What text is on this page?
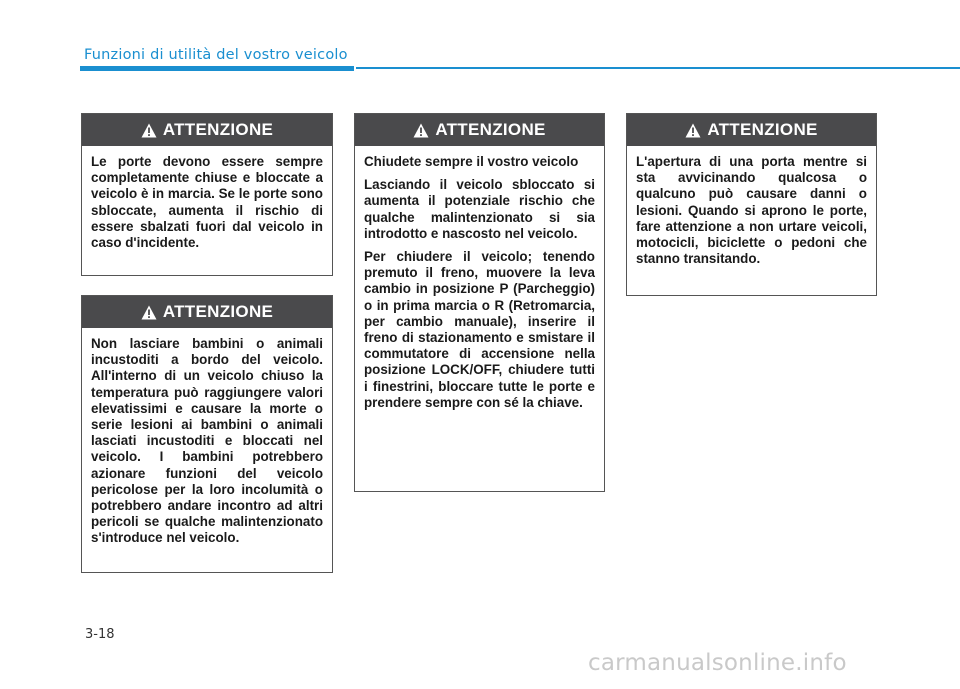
Funzioni di utilità del vostro veicolo
ATTENZIONE

Le porte devono essere sempre completamente chiuse e bloccate a veicolo è in marcia. Se le porte sono sbloccate, aumenta il rischio di essere sbalzati fuori dal veicolo in caso d'incidente.

ATTENZIONE

Non lasciare bambini o animali incustoditi a bordo del veicolo. All'interno di un veicolo chiuso la temperatura può raggiungere valori elevatissimi e causare la morte o serie lesioni ai bambini o animali lasciati incustoditi e bloccati nel veicolo. I bambini potrebbero azionare funzioni del veicolo pericolose per la loro incolumità o potrebbero andare incontro ad altri pericoli se qualche malintenzionato s'introduce nel veicolo.

ATTENZIONE

Chiudete sempre il vostro veicolo

Lasciando il veicolo sbloccato si aumenta il potenziale rischio che qualche malintenzionato si sia introdotto e nascosto nel veicolo.

Per chiudere il veicolo; tenendo premuto il freno, muovere la leva cambio in posizione P (Parcheggio) o in prima marcia o R (Retromarcia, per cambio manuale), inserire il freno di stazionamento e smistare il commutatore di accensione nella posizione LOCK/OFF, chiudere tutti i finestrini, bloccare tutte le porte e prendere sempre con sé la chiave.

ATTENZIONE

L'apertura di una porta mentre si sta avvicinando qualcosa o qualcuno può causare danni o lesioni. Quando si aprono le porte, fare attenzione a non urtare veicoli, motocicli, biciclette o pedoni che stanno transitando.

3-18
carmanualsonline.info
